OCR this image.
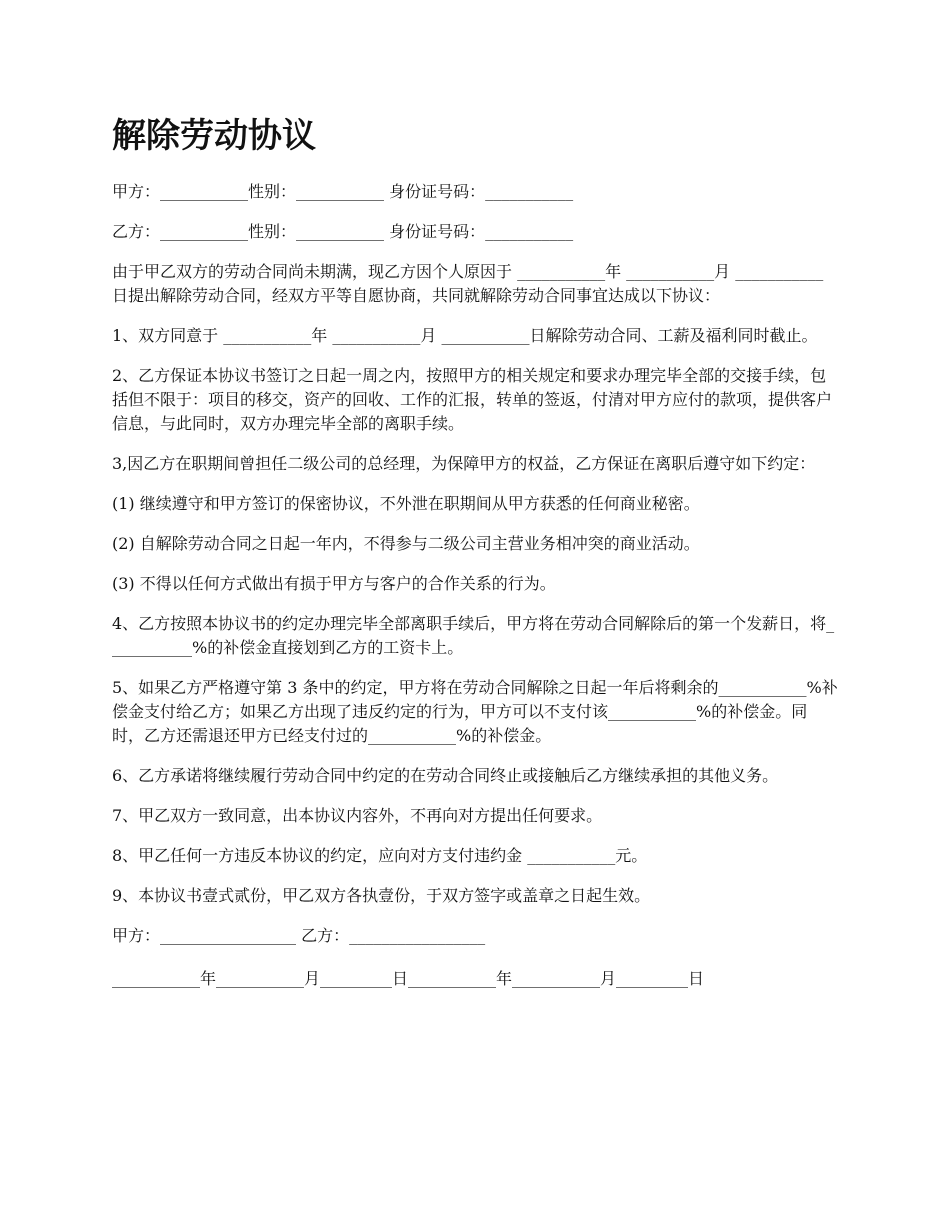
解除劳动协议

甲方：___________性别：___________ 身份证号码：___________

乙方：___________性别：___________ 身份证号码：___________

由于甲乙双方的劳动合同尚未期满，现乙方因个人原因于 ___________年 ___________月 ___________日提出解除劳动合同，经双方平等自愿协商，共同就解除劳动合同事宜达成以下协议：

1、双方同意于 ___________年 ___________月 ___________日解除劳动合同、工薪及福利同时截止。

2、乙方保证本协议书签订之日起一周之内，按照甲方的相关规定和要求办理完毕全部的交接手续，包括但不限于：项目的移交，资产的回收、工作的汇报，转单的签返，付清对甲方应付的款项，提供客户信息，与此同时，双方办理完毕全部的离职手续。

3,因乙方在职期间曾担任二级公司的总经理，为保障甲方的权益，乙方保证在离职后遵守如下约定：

(1) 继续遵守和甲方签订的保密协议，不外泄在职期间从甲方获悉的任何商业秘密。

(2) 自解除劳动合同之日起一年内，不得参与二级公司主营业务相冲突的商业活动。

(3) 不得以任何方式做出有损于甲方与客户的合作关系的行为。

4、乙方按照本协议书的约定办理完毕全部离职手续后，甲方将在劳动合同解除后的第一个发薪日，将___________%的补偿金直接划到乙方的工资卡上。

5、如果乙方严格遵守第 3 条中的约定，甲方将在劳动合同解除之日起一年后将剩余的___________%补偿金支付给乙方；如果乙方出现了违反约定的行为，甲方可以不支付该___________%的补偿金。同时，乙方还需退还甲方已经支付过的___________%的补偿金。

6、乙方承诺将继续履行劳动合同中约定的在劳动合同终止或接触后乙方继续承担的其他义务。

7、甲乙双方一致同意，出本协议内容外，不再向对方提出任何要求。

8、甲乙任何一方违反本协议的约定，应向对方支付违约金 ___________元。

9、本协议书壹式贰份，甲乙双方各执壹份，于双方签字或盖章之日起生效。

甲方：_________________ 乙方：_________________

___________年___________月_________日___________年___________月_________日
